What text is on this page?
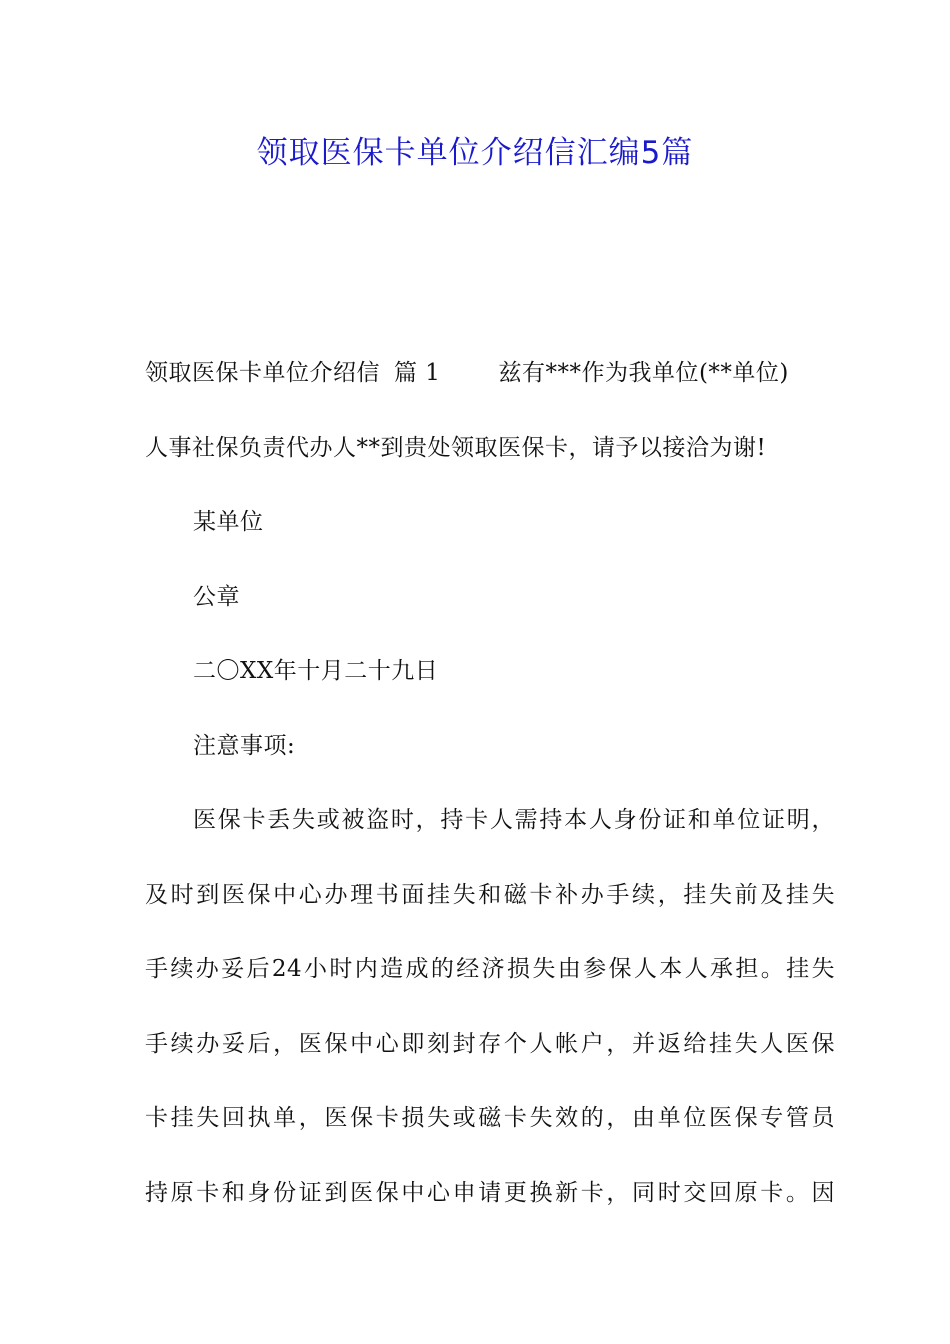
领取医保卡单位介绍信汇编5篇
领取医保卡单位介绍信 篇 1	兹有***作为我单位(**单位)
人事社保负责代办人**到贵处领取医保卡，请予以接洽为谢!
某单位
公章
二〇XX年十月二十九日
注意事项:
医保卡丢失或被盗时，持卡人需持本人身份证和单位证明，
及时到医保中心办理书面挂失和磁卡补办手续，挂失前及挂失
手续办妥后24小时内造成的经济损失由参保人本人承担。挂失
手续办妥后，医保中心即刻封存个人帐户，并返给挂失人医保
卡挂失回执单，医保卡损失或磁卡失效的，由单位医保专管员
持原卡和身份证到医保中心申请更换新卡，同时交回原卡。因
